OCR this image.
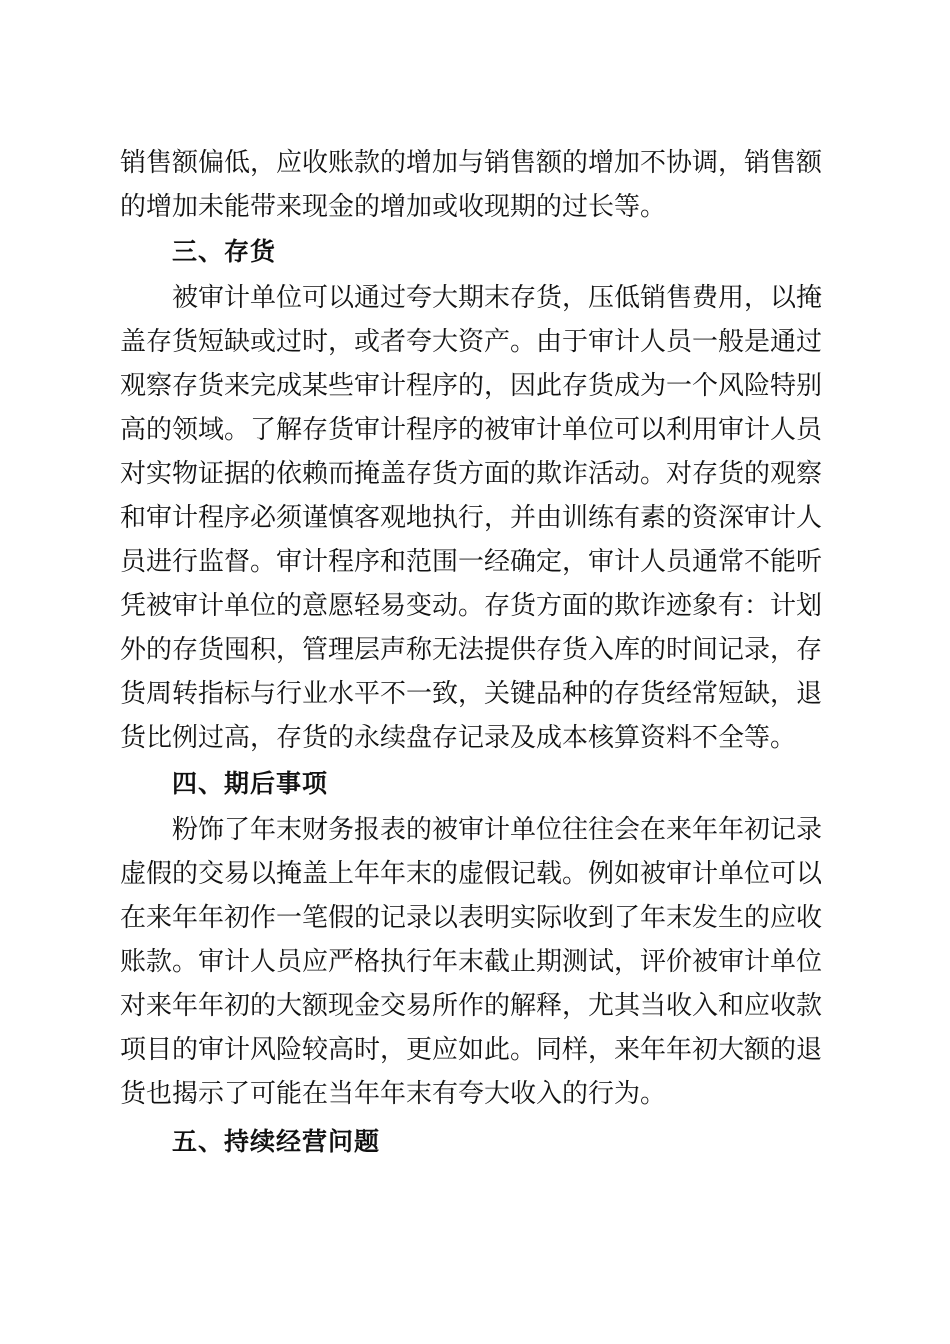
销售额偏低，应收账款的增加与销售额的增加不协调，销售额
的增加未能带来现金的增加或收现期的过长等。
三、存货
被审计单位可以通过夸大期末存货，压低销售费用，以掩
盖存货短缺或过时，或者夸大资产。由于审计人员一般是通过
观察存货来完成某些审计程序的，因此存货成为一个风险特别
高的领域。了解存货审计程序的被审计单位可以利用审计人员
对实物证据的依赖而掩盖存货方面的欺诈活动。对存货的观察
和审计程序必须谨慎客观地执行，并由训练有素的资深审计人
员进行监督。审计程序和范围一经确定，审计人员通常不能听
凭被审计单位的意愿轻易变动。存货方面的欺诈迹象有：计划
外的存货囤积，管理层声称无法提供存货入库的时间记录，存
货周转指标与行业水平不一致，关键品种的存货经常短缺，退
货比例过高，存货的永续盘存记录及成本核算资料不全等。
四、期后事项
粉饰了年末财务报表的被审计单位往往会在来年年初记录
虚假的交易以掩盖上年年末的虚假记载。例如被审计单位可以
在来年年初作一笔假的记录以表明实际收到了年末发生的应收
账款。审计人员应严格执行年末截止期测试，评价被审计单位
对来年年初的大额现金交易所作的解释，尤其当收入和应收款
项目的审计风险较高时，更应如此。同样，来年年初大额的退
货也揭示了可能在当年年末有夸大收入的行为。
五、持续经营问题
